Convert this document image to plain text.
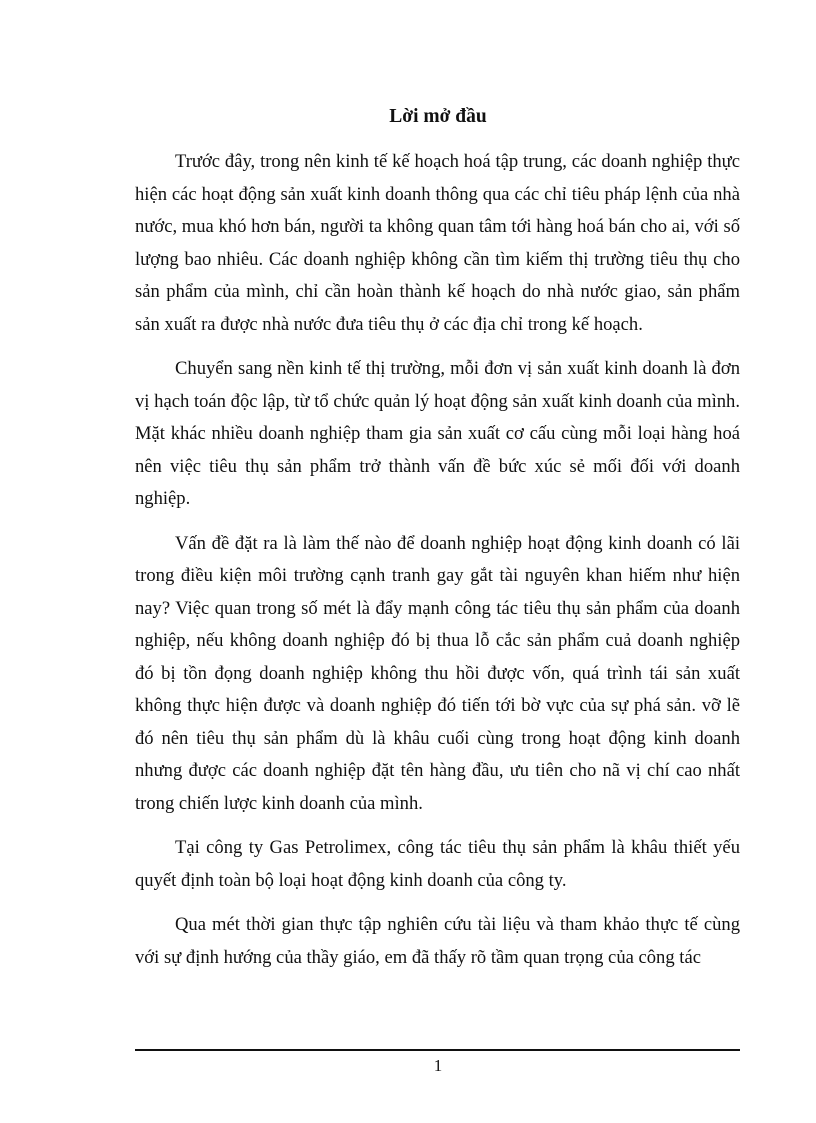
Lời mở đầu

Trước đây, trong nên kinh tế kế hoạch hoá tập trung, các doanh nghiệp thực hiện các hoạt động sản xuất kinh doanh thông qua các chỉ tiêu pháp lệnh của nhà nước, mua khó hơn bán, người ta không quan tâm tới hàng hoá bán cho ai, với số lượng bao nhiêu. Các doanh nghiệp không cần tìm kiếm thị trường tiêu thụ cho sản phẩm của mình, chỉ cần hoàn thành kế hoạch do nhà nước giao, sản phẩm sản xuất ra được nhà nước đưa tiêu thụ ở các địa chỉ trong kế hoạch.

Chuyển sang nền kinh tế thị trường, mỗi đơn vị sản xuất kinh doanh là đơn vị hạch toán độc lập, từ tổ chức quản lý hoạt động sản xuất kinh doanh của mình. Mặt khác nhiều doanh nghiệp tham gia sản xuất cơ cấu cùng mỗi loại hàng hoá nên việc tiêu thụ sản phẩm trở thành vấn đề bức xúc sẻ mối đối với doanh nghiệp.

Vấn đề đặt ra là làm thế nào để doanh nghiệp hoạt động kinh doanh có lãi trong điều kiện môi trường cạnh tranh gay gắt tài nguyên khan hiếm như hiện nay? Việc quan trong số mét là đẩy mạnh công tác tiêu thụ sản phẩm của doanh nghiệp, nếu không doanh nghiệp đó bị thua lỗ cắc sản phẩm cuả doanh nghiệp đó bị tồn đọng doanh nghiệp không thu hồi được vốn, quá trình tái sản xuất không thực hiện được và doanh nghiệp đó tiến tới bờ vực của sự phá sản. vỡ lẽ đó nên tiêu thụ sản phẩm dù là khâu cuối cùng trong hoạt động kinh doanh nhưng được các doanh nghiệp đặt tên hàng đầu, ưu tiên cho nã vị chí cao nhất trong chiến lược kinh doanh của mình.

Tại công ty Gas Petrolimex, công tác tiêu thụ sản phẩm là khâu thiết yếu quyết định toàn bộ loại hoạt động kinh doanh của công ty.

Qua mét thời gian thực tập nghiên cứu tài liệu và tham khảo thực tế cùng với sự định hướng của thầy giáo, em đã thấy rõ tầm quan trọng của công tác

1
